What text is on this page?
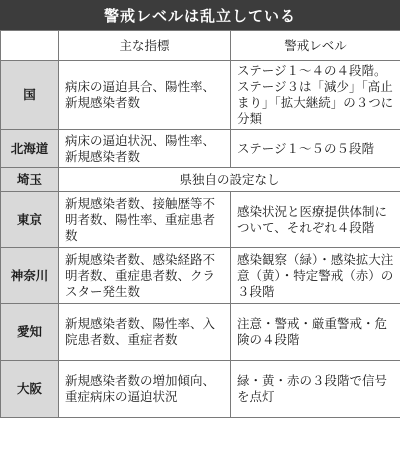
警戒レベルは乱立している
	主な指標	警戒レベル
国	病床の逼迫具合、陽性率、新規感染者数	ステージ１～４の４段階。ステージ３は「減少」「高止まり」「拡大継続」の３つに分類
北海道	病床の逼迫状況、陽性率、新規感染者数	ステージ１～５の５段階
埼玉	県独自の設定なし	
東京	新規感染者数、接触歴等不明者数、陽性率、重症患者数	感染状況と医療提供体制について、それぞれ４段階
神奈川	新規感染者数、感染経路不明者数、重症患者数、クラスター発生数	感染観察（緑）・感染拡大注意（黄）・特定警戒（赤）の３段階
愛知	新規感染者数、陽性率、入院患者数、重症者数	注意・警戒・厳重警戒・危険の４段階
大阪	新規感染者数の増加傾向、重症病床の逼迫状況	緑・黄・赤の３段階で信号を点灯
